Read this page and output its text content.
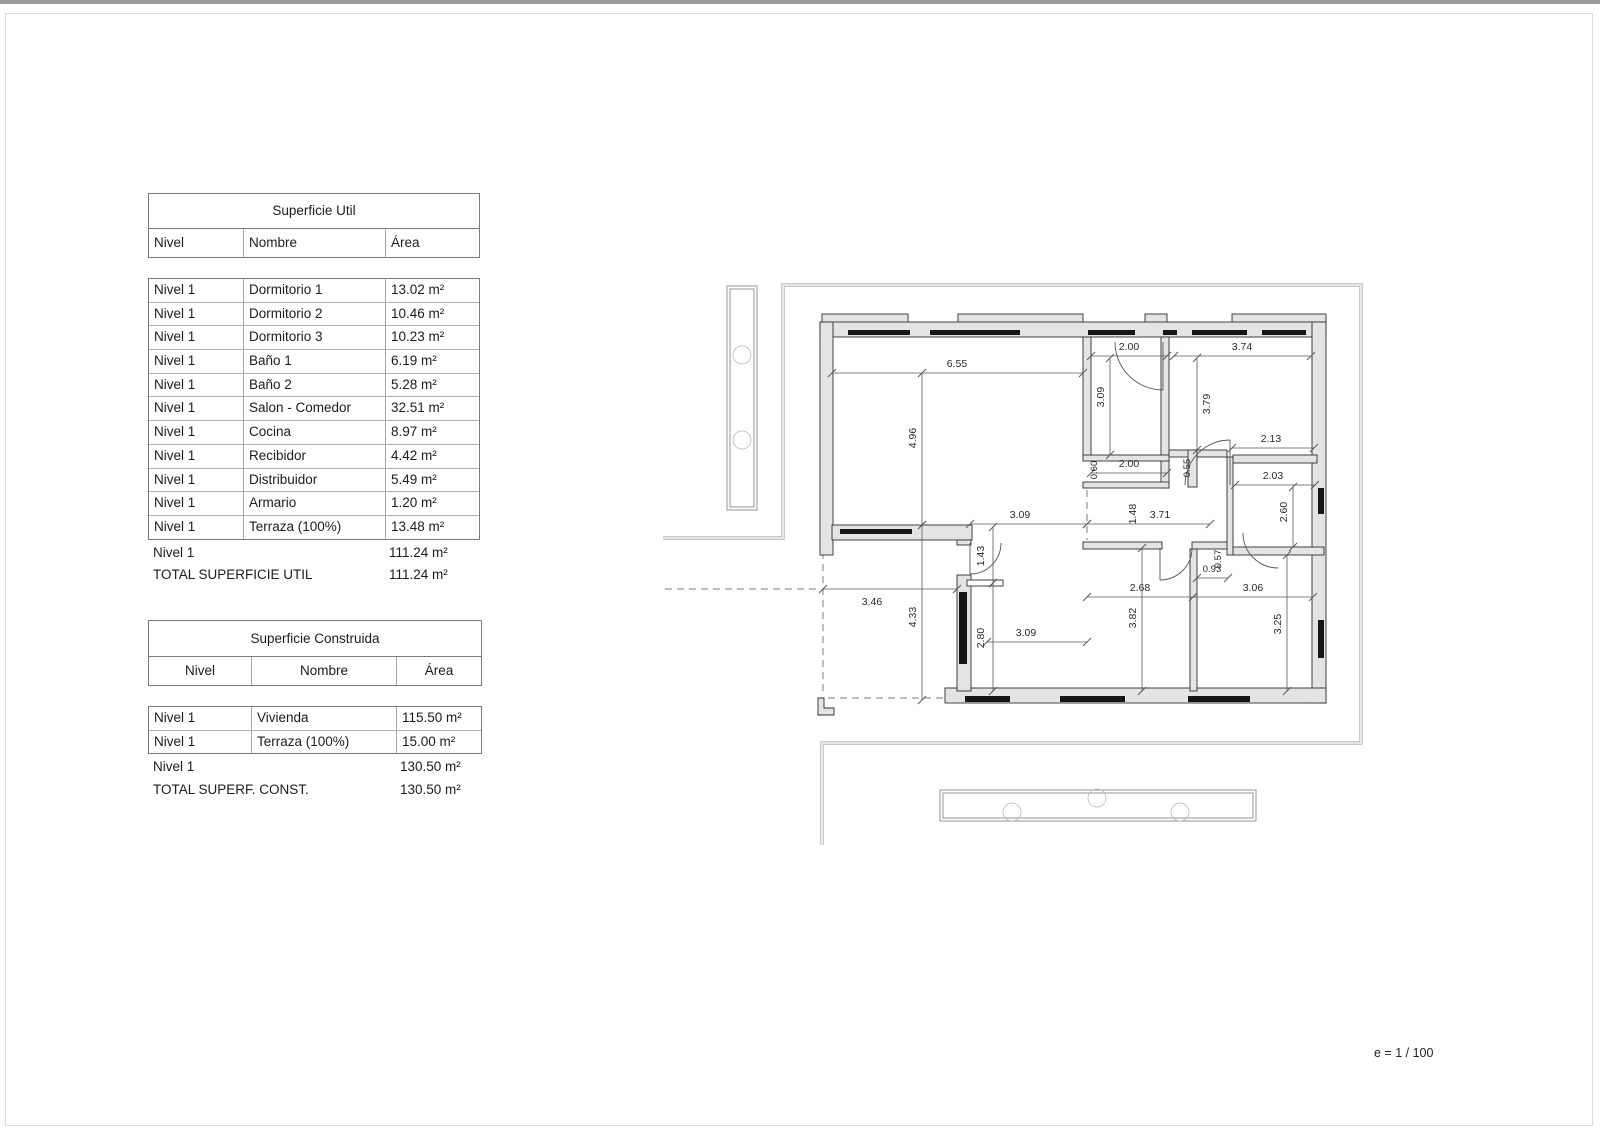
Superficie Util
Nivel	Nombre	Área
Nivel 1	Dormitorio 1	13.02 m²
Nivel 1	Dormitorio 2	10.46 m²
Nivel 1	Dormitorio 3	10.23 m²
Nivel 1	Baño 1	6.19 m²
Nivel 1	Baño 2	5.28 m²
Nivel 1	Salon - Comedor	32.51 m²
Nivel 1	Cocina	8.97 m²
Nivel 1	Recibidor	4.42 m²
Nivel 1	Distribuidor	5.49 m²
Nivel 1	Armario	1.20 m²
Nivel 1	Terraza (100%)	13.48 m²
Nivel 1	111.24 m²
TOTAL SUPERFICIE UTIL	111.24 m²
Superficie Construida
Nivel	Nombre	Área
Nivel 1	Vivienda	115.50 m²
Nivel 1	Terraza (100%)	15.00 m²
Nivel 1	130.50 m²
TOTAL SUPERF. CONST.	130.50 m²
6.55
2.00	3.74
2.13
2.00
2.03
3.09	3.71
0.93
2.68	3.06
3.09
3.46
4.96
3.09	3.79
0.60	0.55
1.48	2.60
1.43	0.57
2.80
4.33	3.82	3.25
e = 1 / 100
